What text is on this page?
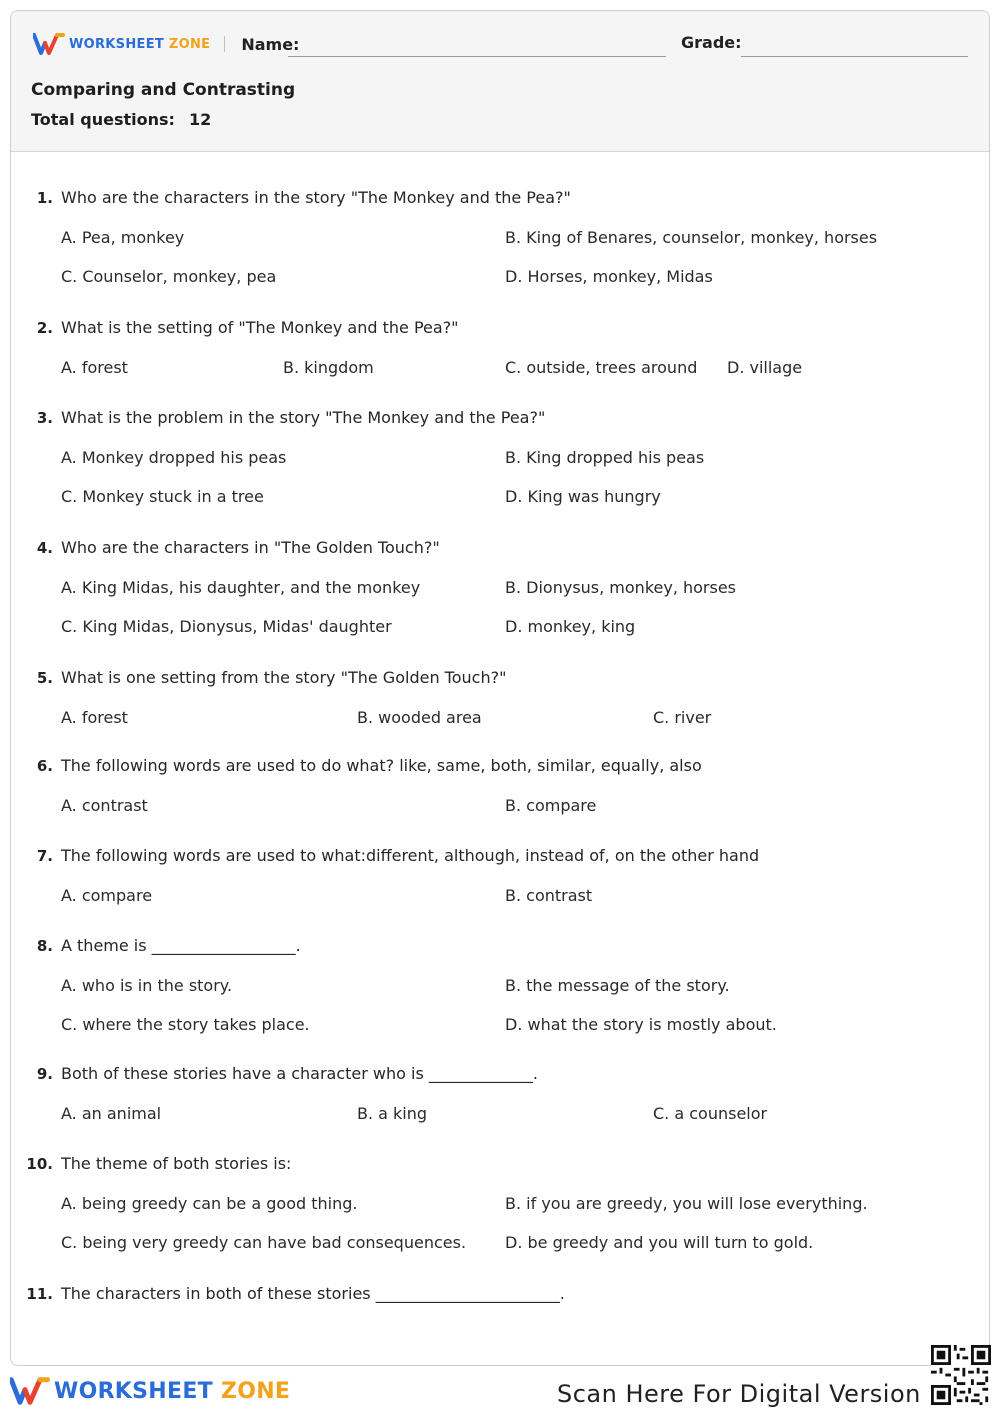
WORKSHEET ZONE Name:	Grade:
Comparing and Contrasting
Total questions: 12
1. Who are the characters in the story "The Monkey and the Pea?"
A. Pea, monkey	B. King of Benares, counselor, monkey, horses
C. Counselor, monkey, pea	D. Horses, monkey, Midas
2. What is the setting of "The Monkey and the Pea?"
A. forest	B. kingdom	C. outside, trees around D. village
3. What is the problem in the story "The Monkey and the Pea?"
A. Monkey dropped his peas	B. King dropped his peas
C. Monkey stuck in a tree	D. King was hungry
4. Who are the characters in "The Golden Touch?"
A. King Midas, his daughter, and the monkey	B. Dionysus, monkey, horses
C. King Midas, Dionysus, Midas' daughter	D. monkey, king
5. What is one setting from the story "The Golden Touch?"
A. forest	B. wooded area	C. river
6. The following words are used to do what? like, same, both, similar, equally, also
A. contrast	B. compare
7. The following words are used to what:different, although, instead of, on the other hand
A. compare	B. contrast
8. A theme is __________________.
A. who is in the story.	B. the message of the story.
C. where the story takes place.	D. what the story is mostly about.
9. Both of these stories have a character who is _____________.
A. an animal	B. a king	C. a counselor
10. The theme of both stories is:
A. being greedy can be a good thing.	B. if you are greedy, you will lose everything.
C. being very greedy can have bad consequences. D. be greedy and you will turn to gold.
11. The characters in both of these stories _______________________.
WORKSHEET ZONE	Scan Here For Digital Version
